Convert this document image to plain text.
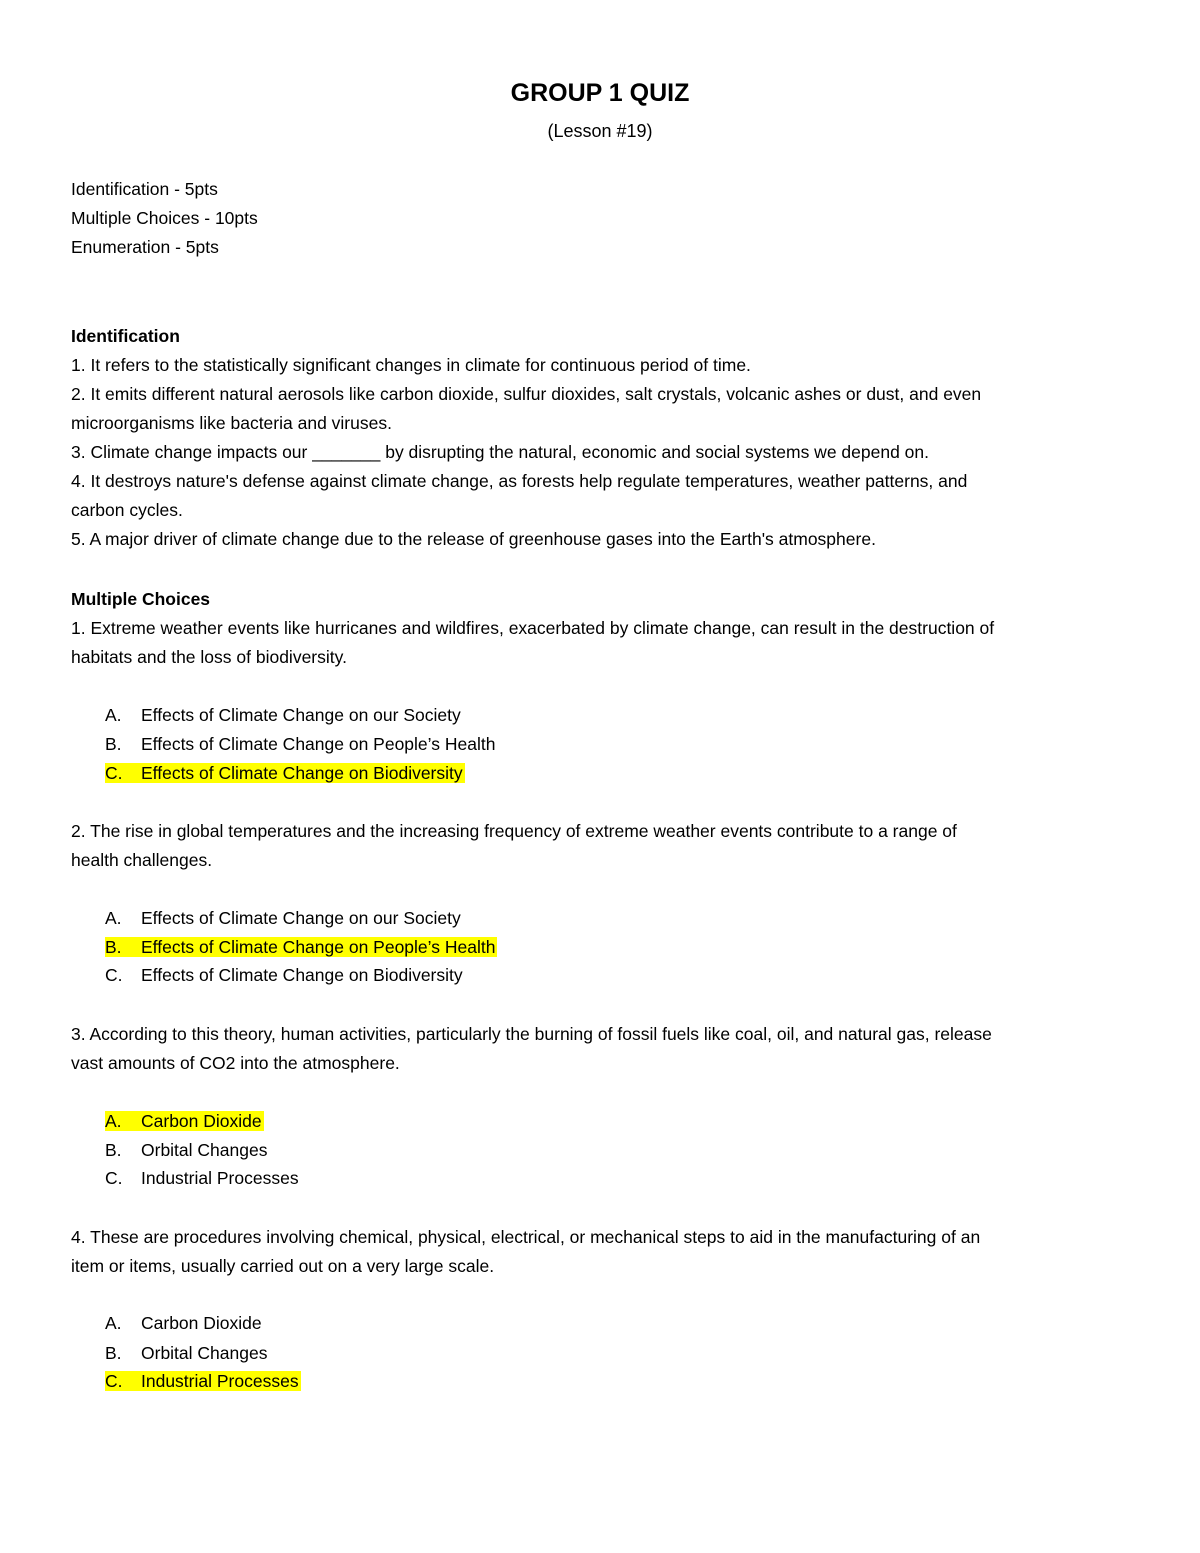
GROUP 1 QUIZ
(Lesson #19)
Identification - 5pts
Multiple Choices - 10pts
Enumeration - 5pts
Identification
1. It refers to the statistically significant changes in climate for continuous period of time.
2. It emits different natural aerosols like carbon dioxide, sulfur dioxides, salt crystals, volcanic ashes or dust, and even
microorganisms like bacteria and viruses.
3. Climate change impacts our _______ by disrupting the natural, economic and social systems we depend on.
4. It destroys nature's defense against climate change, as forests help regulate temperatures, weather patterns, and
carbon cycles.
5. A major driver of climate change due to the release of greenhouse gases into the Earth's atmosphere.
Multiple Choices
1. Extreme weather events like hurricanes and wildfires, exacerbated by climate change, can result in the destruction of
habitats and the loss of biodiversity.
A. Effects of Climate Change on our Society
B. Effects of Climate Change on People’s Health
C. Effects of Climate Change on Biodiversity
2. The rise in global temperatures and the increasing frequency of extreme weather events contribute to a range of
health challenges.
A. Effects of Climate Change on our Society
B. Effects of Climate Change on People’s Health
C. Effects of Climate Change on Biodiversity
3. According to this theory, human activities, particularly the burning of fossil fuels like coal, oil, and natural gas, release
vast amounts of CO2 into the atmosphere.
A. Carbon Dioxide
B. Orbital Changes
C. Industrial Processes
4. These are procedures involving chemical, physical, electrical, or mechanical steps to aid in the manufacturing of an
item or items, usually carried out on a very large scale.
A. Carbon Dioxide
B. Orbital Changes
C. Industrial Processes
